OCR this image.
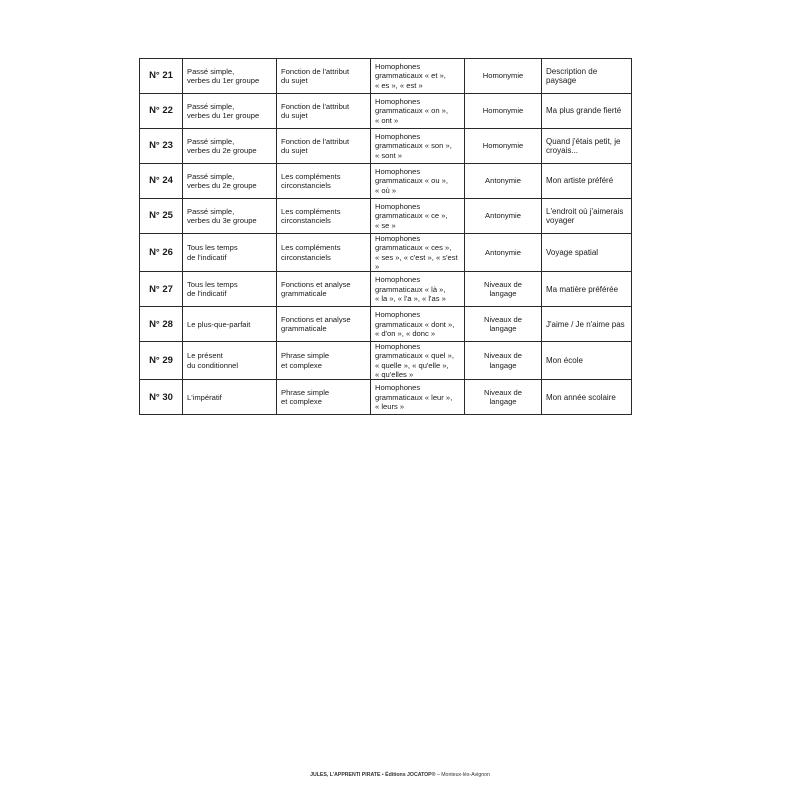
N° 21	Passé simple,
verbes du 1er groupe	Fonction de l'attribut
du sujet	Homophones
grammaticaux « et »,
« es », « est »	Homonymie	Description de paysage
N° 22	Passé simple,
verbes du 1er groupe	Fonction de l'attribut
du sujet	Homophones
grammaticaux « on »,
« ont »	Homonymie	Ma plus grande fierté
N° 23	Passé simple,
verbes du 2e groupe	Fonction de l'attribut
du sujet	Homophones
grammaticaux « son »,
« sont »	Homonymie	Quand j'étais petit, je
croyais...
N° 24	Passé simple,
verbes du 2e groupe	Les compléments
circonstanciels	Homophones
grammaticaux « ou »,
« où »	Antonymie	Mon artiste préféré
N° 25	Passé simple,
verbes du 3e groupe	Les compléments
circonstanciels	Homophones
grammaticaux « ce »,
« se »	Antonymie	L'endroit où j'aimerais
voyager
N° 26	Tous les temps
de l'indicatif	Les compléments
circonstanciels	Homophones
grammaticaux « ces »,
« ses », « c'est », « s'est »	Antonymie	Voyage spatial
N° 27	Tous les temps
de l'indicatif	Fonctions et analyse
grammaticale	Homophones
grammaticaux « là »,
« la », « l'a », « l'as »	Niveaux de
langage	Ma matière préférée
N° 28	Le plus-que-parfait	Fonctions et analyse
grammaticale	Homophones
grammaticaux « dont »,
« d'on », « donc »	Niveaux de
langage	J'aime / Je n'aime pas
N° 29	Le présent
du conditionnel	Phrase simple
et complexe	Homophones
grammaticaux « quel »,
« quelle », « qu'elle »,
« qu'elles »	Niveaux de
langage	Mon école
N° 30	L'impératif	Phrase simple
et complexe	Homophones
grammaticaux « leur »,
« leurs »	Niveaux de
langage	Mon année scolaire
JULES, L'APPRENTI PIRATE • Éditions JOCATOP® – Monteux-lès-Avignon
